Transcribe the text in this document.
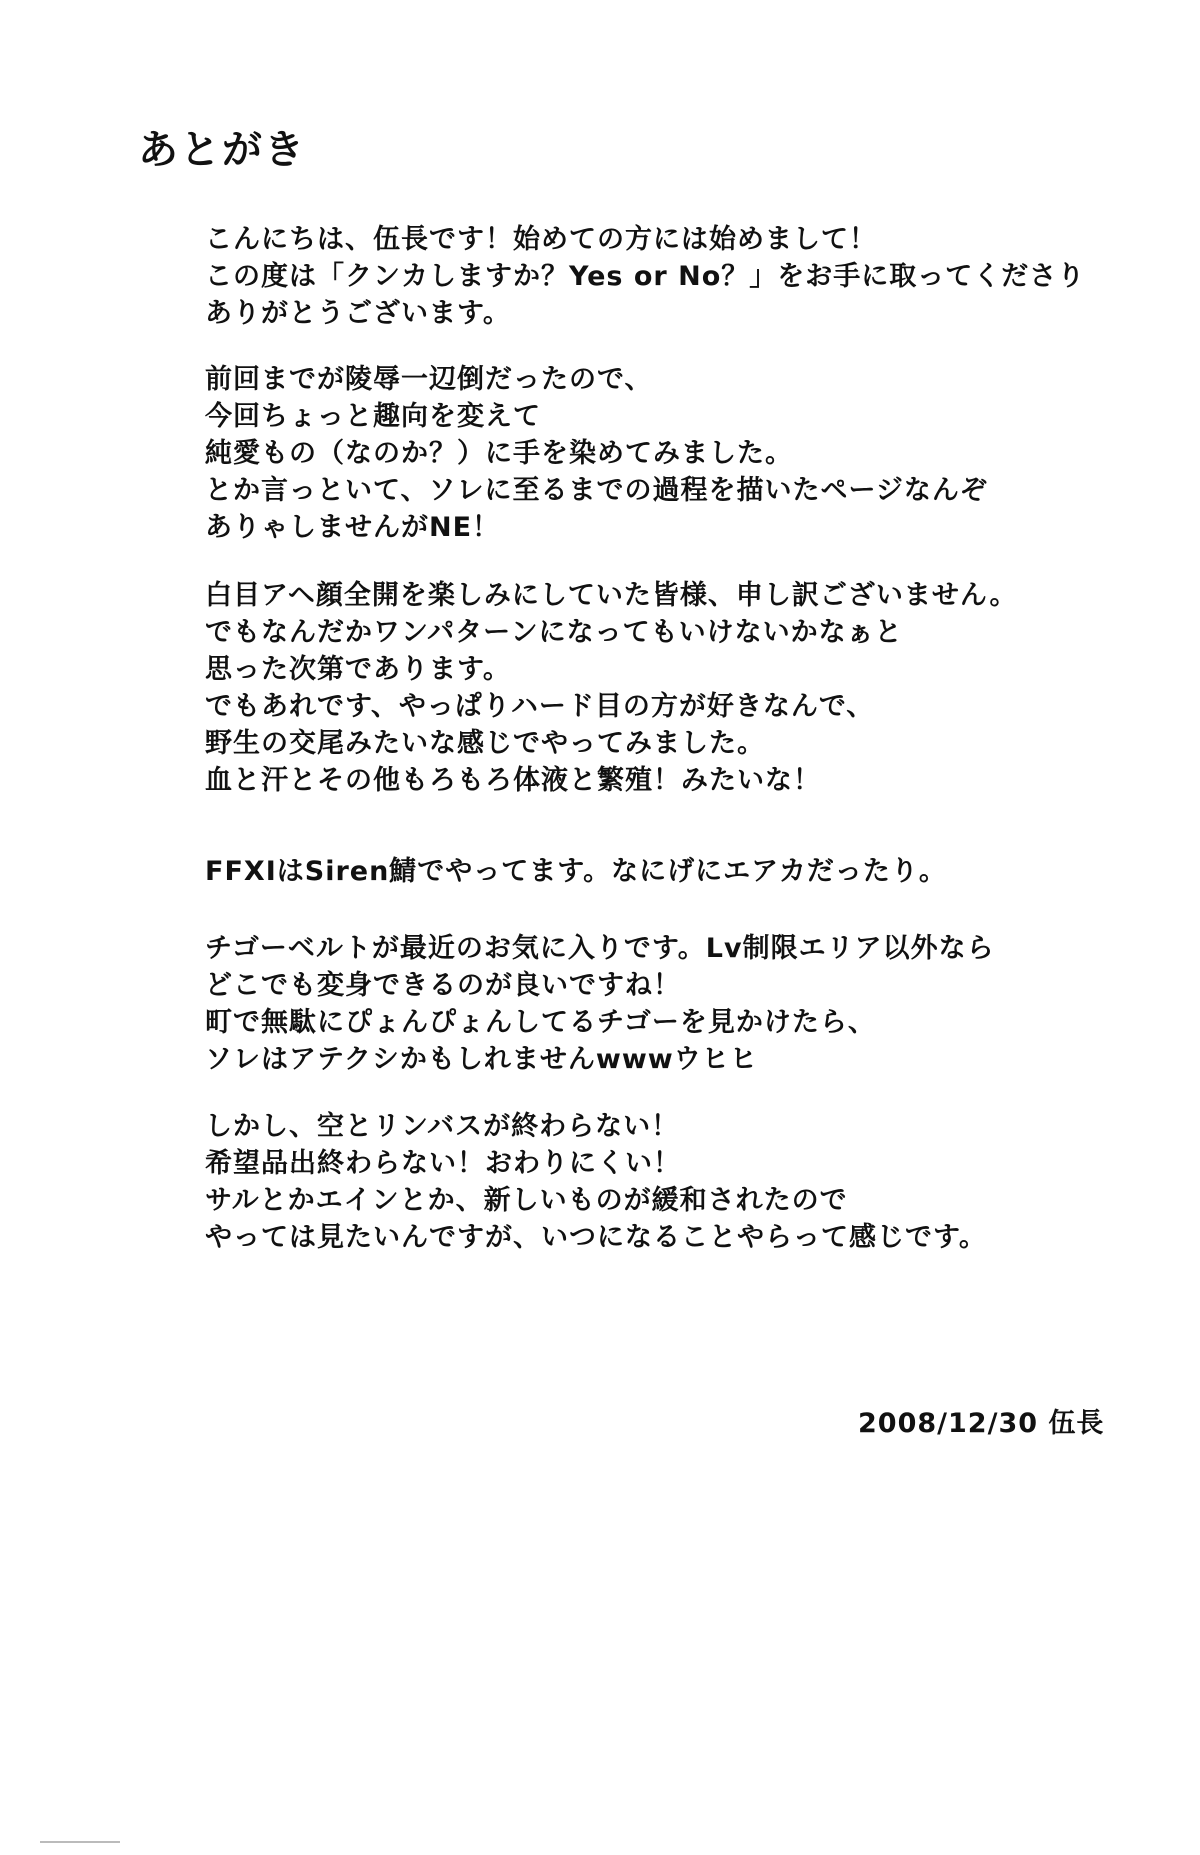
あとがき
こんにちは、伍長です！始めての方には始めまして！
この度は「クンカしますか？Yes or No？」をお手に取ってくださり
ありがとうございます。
前回までが陵辱一辺倒だったので、
今回ちょっと趣向を変えて
純愛もの（なのか？）に手を染めてみました。
とか言っといて、ソレに至るまでの過程を描いたページなんぞ
ありゃしませんがNE！
白目アヘ顔全開を楽しみにしていた皆様、申し訳ございません。
でもなんだかワンパターンになってもいけないかなぁと
思った次第であります。
でもあれです、やっぱりハード目の方が好きなんで、
野生の交尾みたいな感じでやってみました。
血と汗とその他もろもろ体液と繁殖！みたいな！
FFXIはSiren鯖でやってます。なにげにエアカだったり。
チゴーベルトが最近のお気に入りです。Lv制限エリア以外なら
どこでも変身できるのが良いですね！
町で無駄にぴょんぴょんしてるチゴーを見かけたら、
ソレはアテクシかもしれませんwwwウヒヒ
しかし、空とリンバスが終わらない！
希望品出終わらない！おわりにくい！
サルとかエインとか、新しいものが緩和されたので
やっては見たいんですが、いつになることやらって感じです。
2008/12/30 伍長
